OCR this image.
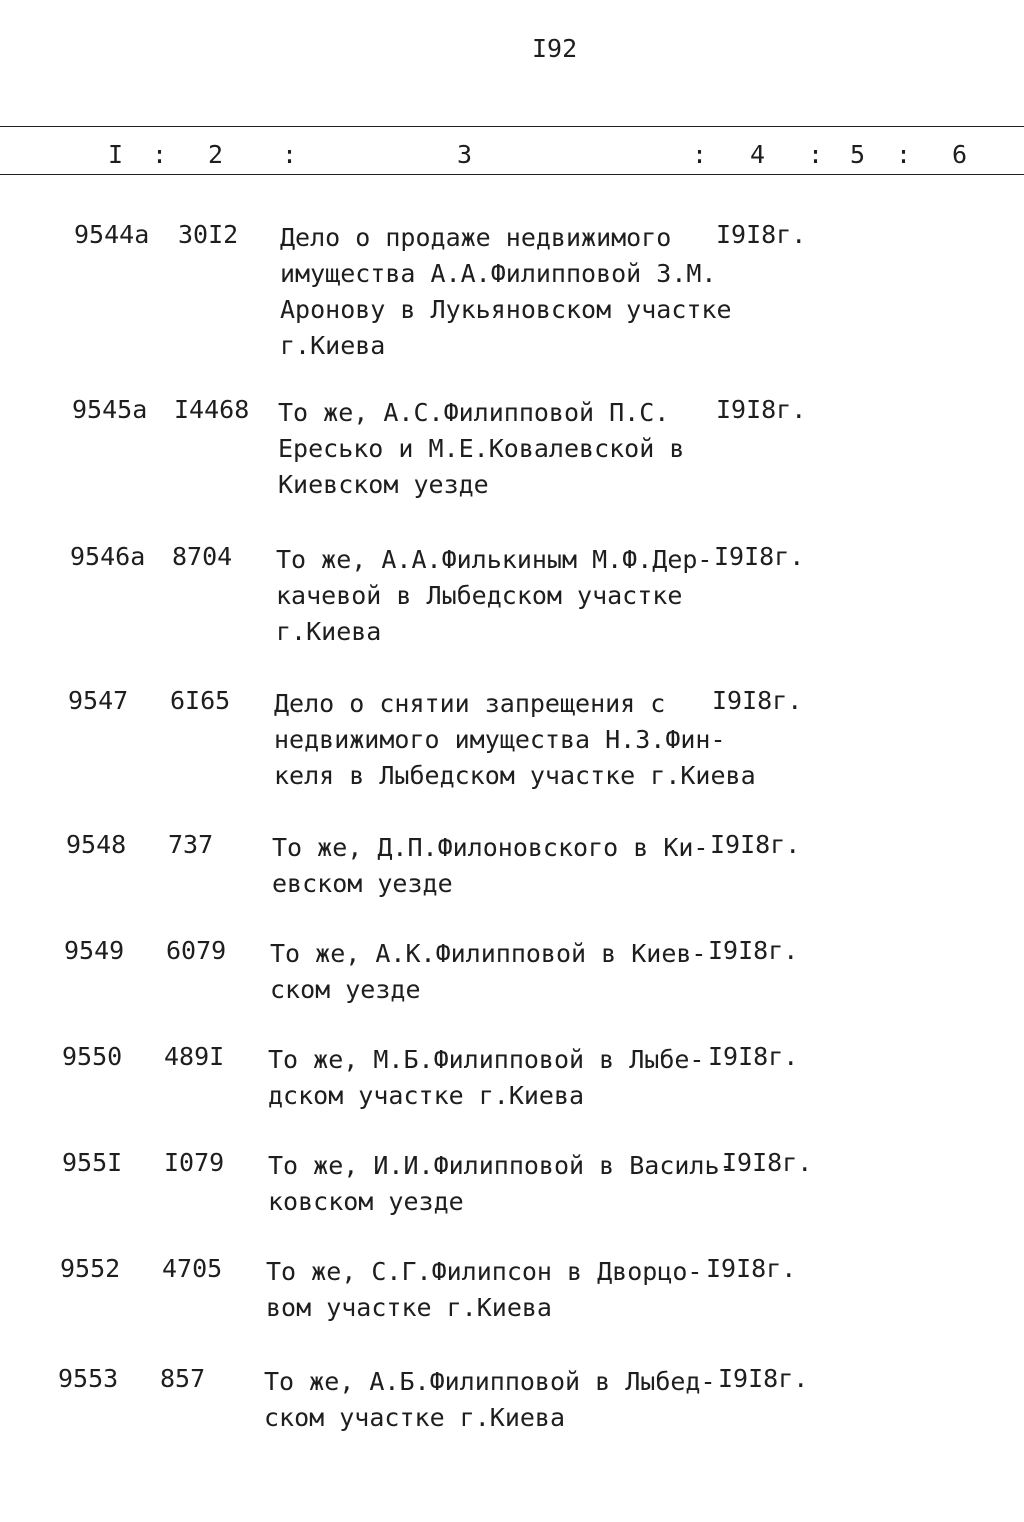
I92
I : 2 :	3	: 4 : 5 : 6
9544а 30I2 Дело о продаже недвижимого
имущества А.А.Филипповой З.М.
Аронову в Лукьяновском участке
г.Киева
I9I8г.
9545а I4468 То же, А.С.Филипповой П.С.
Ересько и М.Е.Ковалевской в
Киевском уезде
I9I8г.
9546а 8704 То же, А.А.Филькиным М.Ф.Дер-
качевой в Лыбедском участке
г.Киева
I9I8г.
9547 6I65 Дело о снятии запрещения с
недвижимого имущества Н.З.Фин-
келя в Лыбедском участке г.Киева
I9I8г.
9548 737 То же, Д.П.Филоновского в Ки-
евском уезде
I9I8г.
9549 6079 То же, А.К.Филипповой в Киев-
ском уезде
I9I8г.
9550 489I То же, М.Б.Филипповой в Лыбе-
дском участке г.Киева
I9I8г.
955I I079 То же, И.И.Филипповой в Василь-
ковском уезде
I9I8г.
9552 4705 То же, С.Г.Филипсон в Дворцо-
вом участке г.Киева
I9I8г.
9553 857 То же, А.Б.Филипповой в Лыбед-
ском участке г.Киева
I9I8г.
